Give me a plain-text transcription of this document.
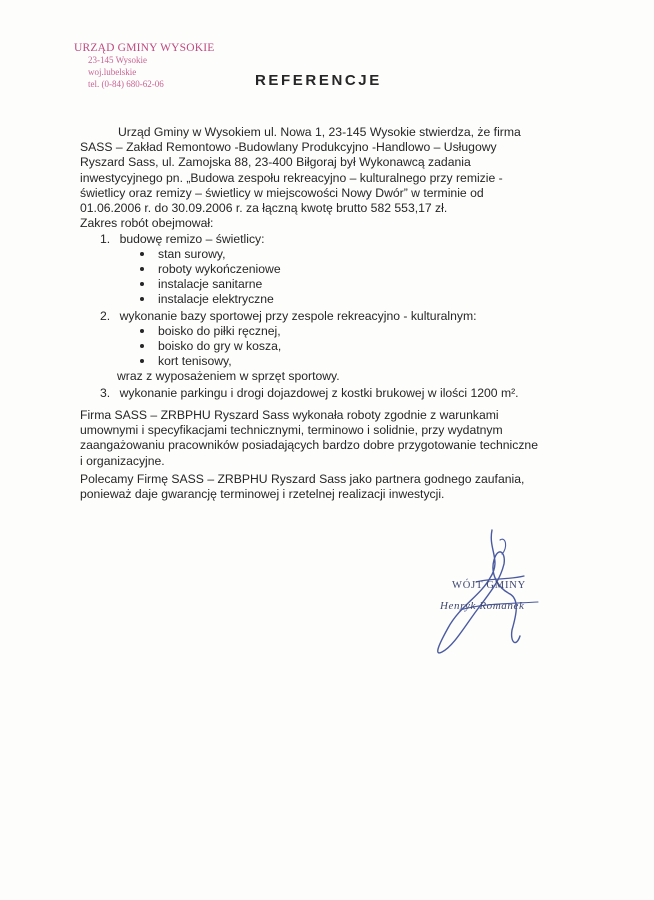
URZĄD GMINY WYSOKIE
23-145 Wysokie
woj.lubelskie
tel. (0-84) 680-62-06	REFERENCJE
Urząd Gminy w Wysokiem ul. Nowa 1, 23-145 Wysokie stwierdza, że firma
SASS – Zakład Remontowo -Budowlany Produkcyjno -Handlowo – Usługowy
Ryszard Sass, ul. Zamojska 88, 23-400 Biłgoraj był Wykonawcą zadania
inwestycyjnego pn. „Budowa zespołu rekreacyjno – kulturalnego przy remizie -
świetlicy oraz remizy – świetlicy w miejscowości Nowy Dwór” w terminie od
01.06.2006 r. do 30.09.2006 r. za łączną kwotę brutto 582 553,17 zł.
Zakres robót obejmował:
1. budowę remizo – świetlicy:
stan surowy,
roboty wykończeniowe
instalacje sanitarne
instalacje elektryczne
2. wykonanie bazy sportowej przy zespole rekreacyjno - kulturalnym:
boisko do piłki ręcznej,
boisko do gry w kosza,
kort tenisowy,
wraz z wyposażeniem w sprzęt sportowy.
3. wykonanie parkingu i drogi dojazdowej z kostki brukowej w ilości 1200 m².
Firma SASS – ZRBPHU Ryszard Sass wykonała roboty zgodnie z warunkami
umownymi i specyfikacjami technicznymi, terminowo i solidnie, przy wydatnym
zaangażowaniu pracowników posiadających bardzo dobre przygotowanie techniczne
i organizacyjne.
Polecamy Firmę SASS – ZRBPHU Ryszard Sass jako partnera godnego zaufania,
ponieważ daje gwarancję terminowej i rzetelnej realizacji inwestycji.
WÓJT GMINY
Henryk Romanek
